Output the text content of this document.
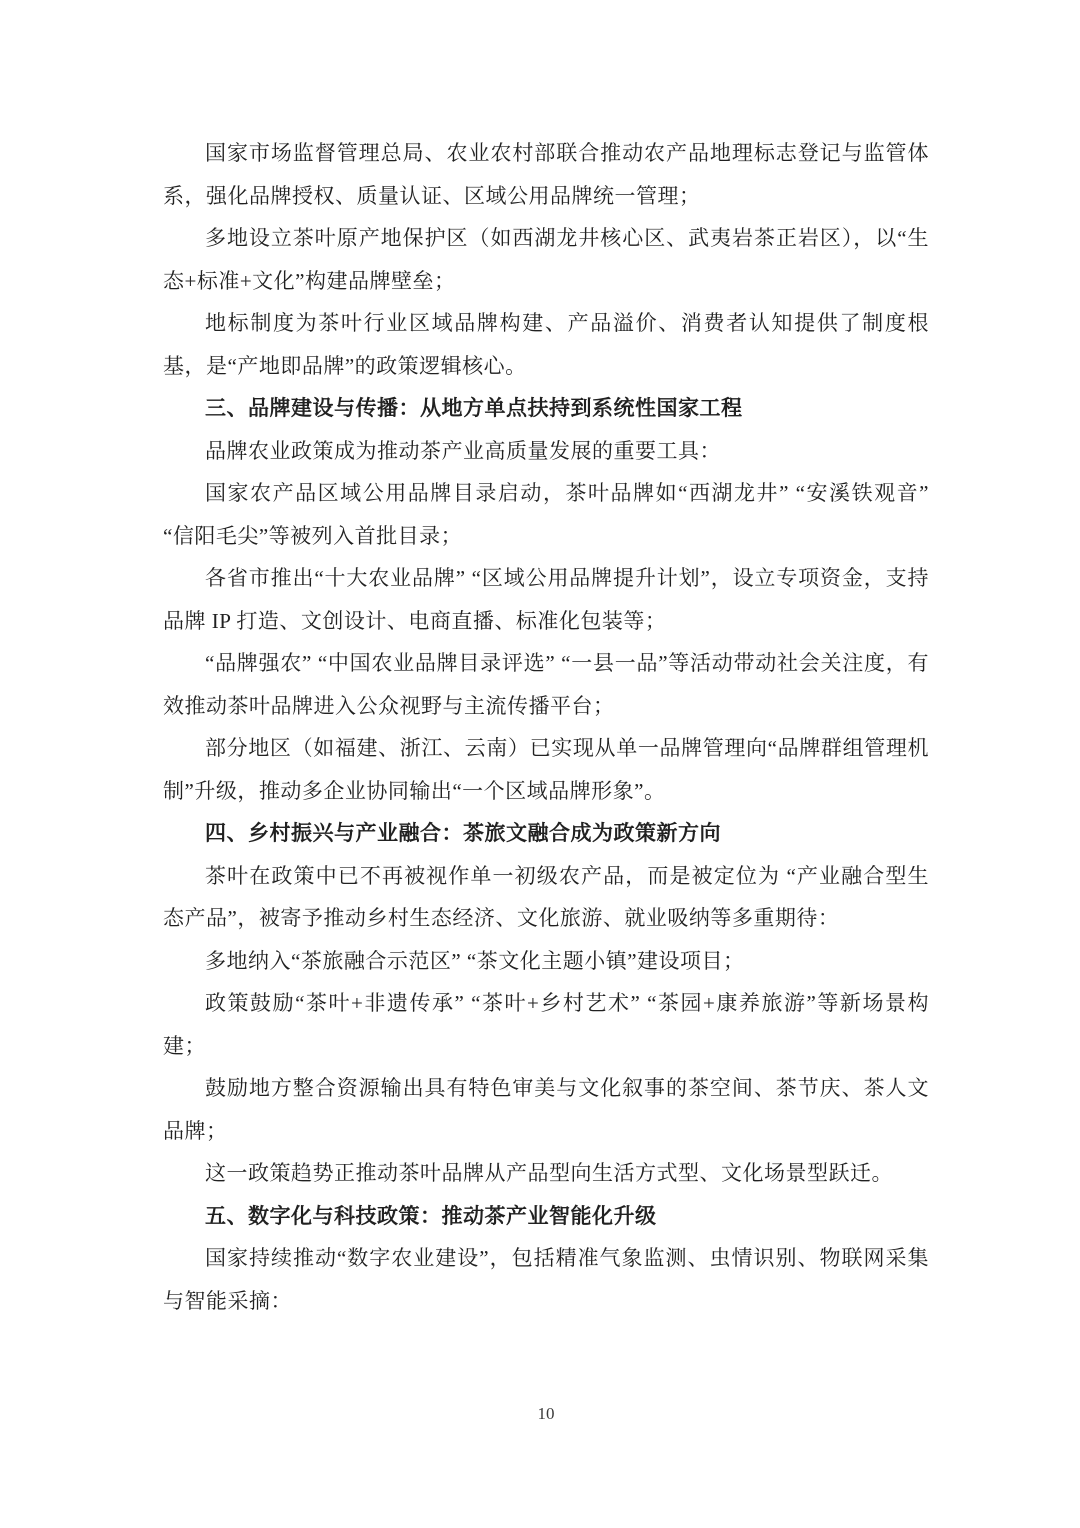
国家市场监督管理总局、农业农村部联合推动农产品地理标志登记与监管体系，强化品牌授权、质量认证、区域公用品牌统一管理；

多地设立茶叶原产地保护区（如西湖龙井核心区、武夷岩茶正岩区），以“生态+标准+文化”构建品牌壁垒；

地标制度为茶叶行业区域品牌构建、产品溢价、消费者认知提供了制度根基，是“产地即品牌”的政策逻辑核心。

三、品牌建设与传播：从地方单点扶持到系统性国家工程

品牌农业政策成为推动茶产业高质量发展的重要工具：

国家农产品区域公用品牌目录启动，茶叶品牌如“西湖龙井” “安溪铁观音” “信阳毛尖”等被列入首批目录；

各省市推出“十大农业品牌” “区域公用品牌提升计划”，设立专项资金，支持品牌 IP 打造、文创设计、电商直播、标准化包装等；

“品牌强农” “中国农业品牌目录评选” “一县一品”等活动带动社会关注度，有效推动茶叶品牌进入公众视野与主流传播平台；

部分地区（如福建、浙江、云南）已实现从单一品牌管理向“品牌群组管理机制”升级，推动多企业协同输出“一个区域品牌形象”。

四、乡村振兴与产业融合：茶旅文融合成为政策新方向

茶叶在政策中已不再被视作单一初级农产品，而是被定位为 “产业融合型生态产品”，被寄予推动乡村生态经济、文化旅游、就业吸纳等多重期待：

多地纳入“茶旅融合示范区” “茶文化主题小镇”建设项目；

政策鼓励“茶叶+非遗传承” “茶叶+乡村艺术” “茶园+康养旅游”等新场景构建；

鼓励地方整合资源输出具有特色审美与文化叙事的茶空间、茶节庆、茶人文品牌；

这一政策趋势正推动茶叶品牌从产品型向生活方式型、文化场景型跃迁。

五、数字化与科技政策：推动茶产业智能化升级

国家持续推动“数字农业建设”，包括精准气象监测、虫情识别、物联网采集与智能采摘：

10
